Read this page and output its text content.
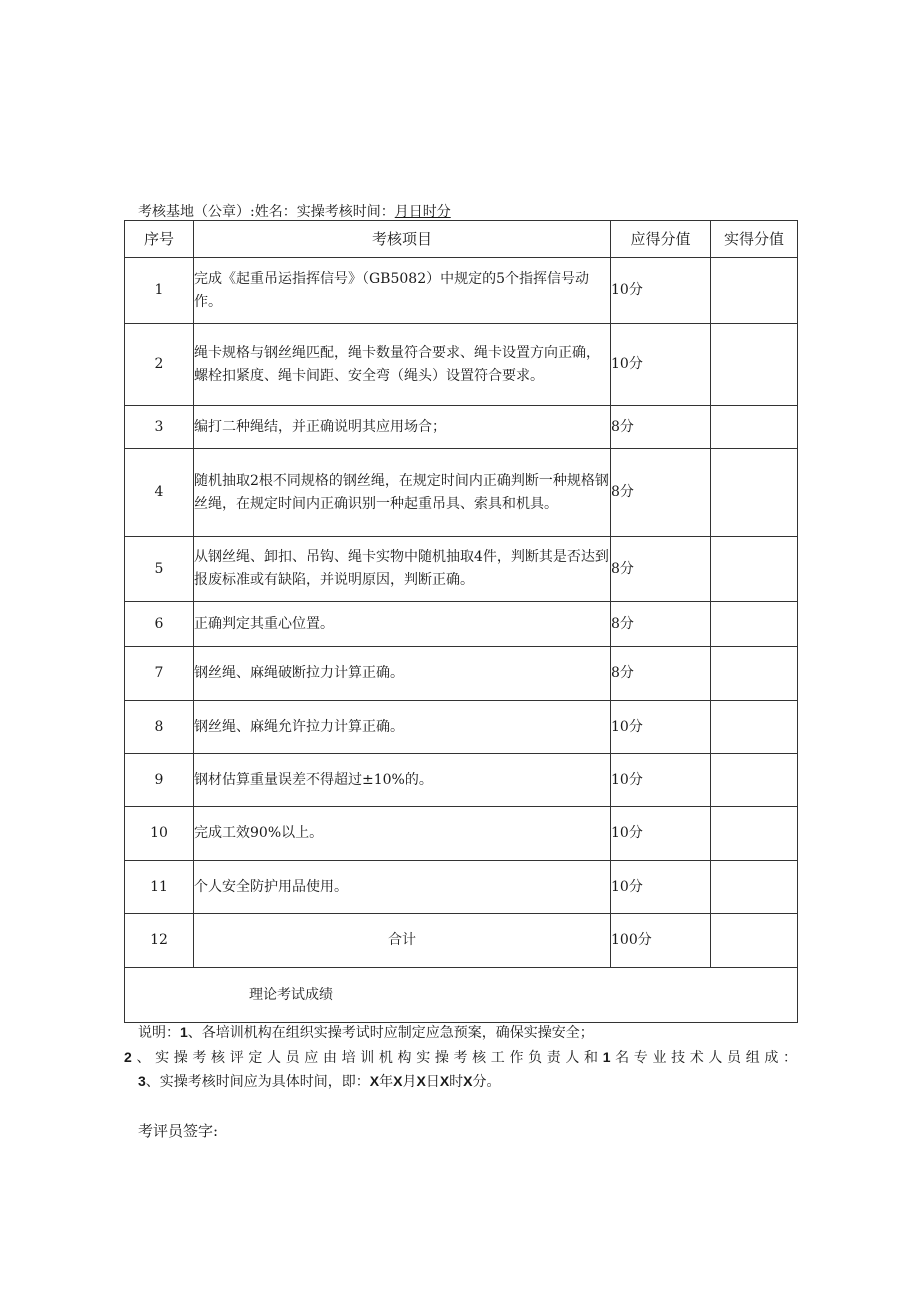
考核基地（公章）:姓名：实操考核时间：月日时分
序号	考核项目	应得分值	实得分值
1	完成《起重吊运指挥信号》（GB5082）中规定的5个指挥信号动作。	10分	
2	绳卡规格与钢丝绳匹配，绳卡数量符合要求、绳卡设置方向正确，螺栓扣紧度、绳卡间距、安全弯（绳头）设置符合要求。	10分	
3	编打二种绳结，并正确说明其应用场合；	8分	
4	随机抽取2根不同规格的钢丝绳，在规定时间内正确判断一种规格钢丝绳，在规定时间内正确识别一种起重吊具、索具和机具。	8分	
5	从钢丝绳、卸扣、吊钩、绳卡实物中随机抽取4件，判断其是否达到报废标准或有缺陷，并说明原因，判断正确。	8分	
6	正确判定其重心位置。	8分	
7	钢丝绳、麻绳破断拉力计算正确。	8分	
8	钢丝绳、麻绳允许拉力计算正确。	10分	
9	钢材估算重量误差不得超过±10%的。	10分	
10	完成工效90%以上。	10分	
11	个人安全防护用品使用。	10分	
12	合计	100分	
理论考试成绩			
说明：1、各培训机构在组织实操考试时应制定应急预案，确保实操安全；
2、实操考核评定人员应由培训机构实操考核工作负责人和1名专业技术人员组成：
3、实操考核时间应为具体时间，即：X年X月X日X时X分。
考评员签字:
